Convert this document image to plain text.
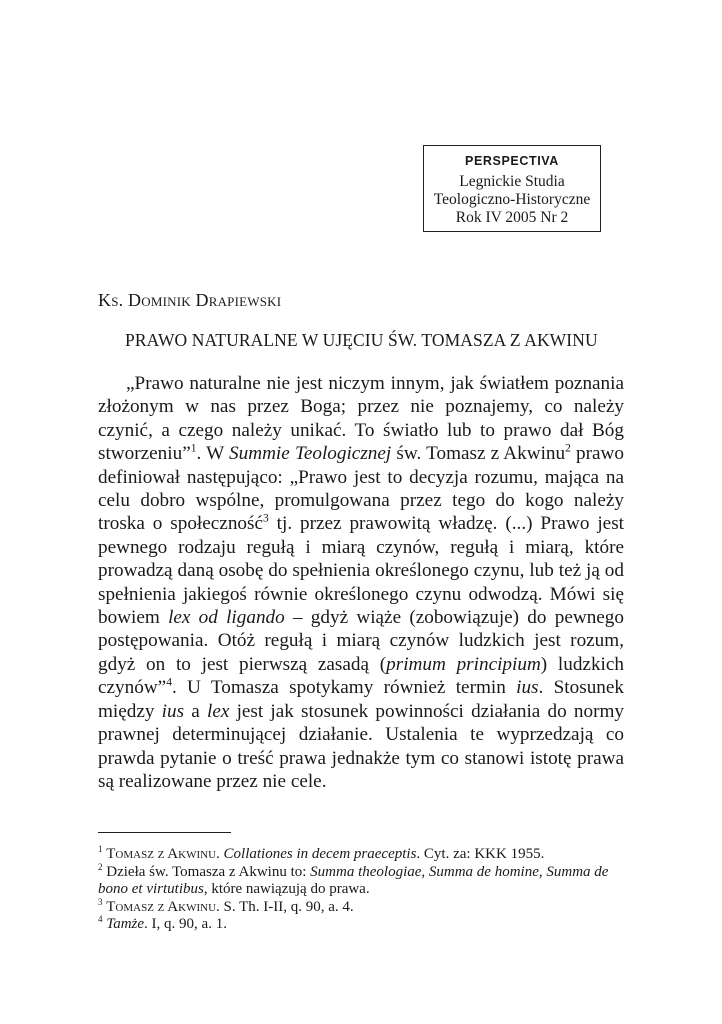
PERSPECTIVA
Legnickie Studia
Teologiczno-Historyczne
Rok IV 2005 Nr 2
Ks. Dominik Drapiewski
PRAWO NATURALNE W UJĘCIU ŚW. TOMASZA Z AKWINU

„Prawo naturalne nie jest niczym innym, jak światłem poznania złożonym w nas przez Boga; przez nie poznajemy, co należy czynić, a czego należy unikać. To światło lub to prawo dał Bóg stworzeniu”$^1$. W Summie Teologicznej św. Tomasz z Akwinu$^2$ prawo definiował następująco: „Prawo jest to decyzja rozumu, mająca na celu dobro wspólne, promulgowana przez tego do kogo należy troska o społeczność$^3$ tj. przez prawowitą władzę. (...) Prawo jest pewnego rodzaju regułą i miarą czynów, regułą i miarą, które prowadzą daną osobę do spełnienia określonego czynu, lub też ją od spełnienia jakiegoś równie określonego czynu odwodzą. Mówi się bowiem lex od ligando – gdyż wiąże (zobowiązuje) do pewnego postępowania. Otóż regułą i miarą czynów ludzkich jest rozum, gdyż on to jest pierwszą zasadą (primum principium) ludzkich czynów”$^4$. U Tomasza spotykamy również termin ius. Stosunek między ius a lex jest jak stosunek powinności działania do normy prawnej determinującej działanie. Ustalenia te wyprzedzają co prawda pytanie o treść prawa jednakże tym co stanowi istotę prawa są realizowane przez nie cele.

$^1$ Tomasz z Akwinu. Collationes in decem praeceptis. Cyt. za: KKK 1955.

$^2$ Dzieła św. Tomasza z Akwinu to: Summa theologiae, Summa de homine, Summa de bono et virtutibus, które nawiązują do prawa.

$^3$ Tomasz z Akwinu. S. Th. I-II, q. 90, a. 4.

$^4$ Tamże. I, q. 90, a. 1.
